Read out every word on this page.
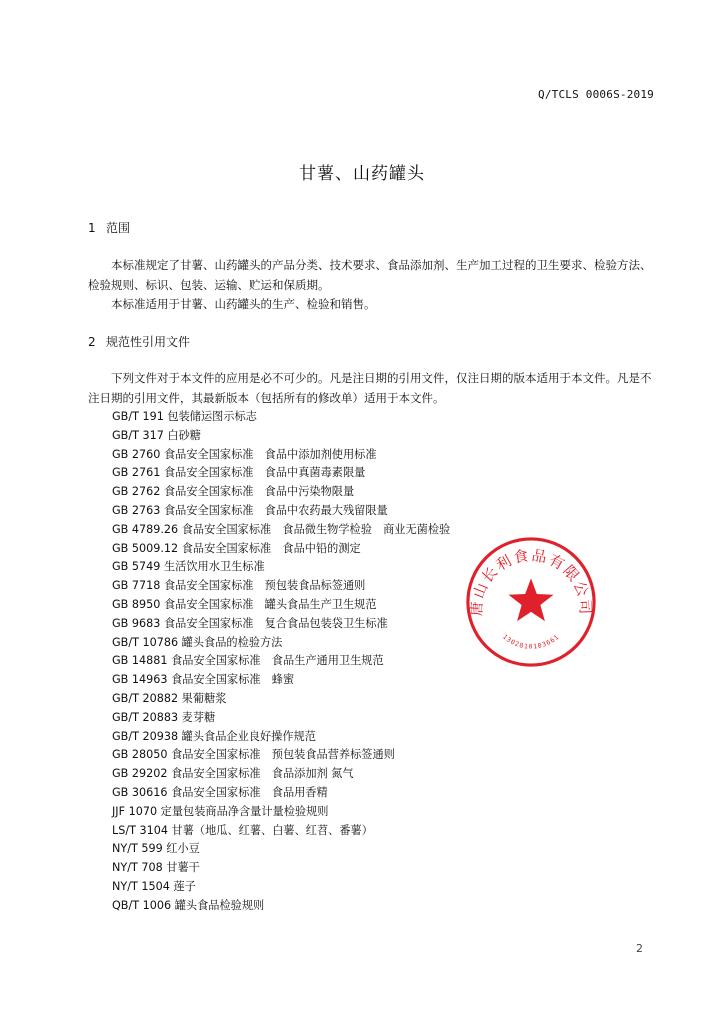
Q/TCLS 0006S-2019
甘薯、山药罐头
1 范围

本标准规定了甘薯、山药罐头的产品分类、技术要求、食品添加剂、生产加工过程的卫生要求、检验方法、检验规则、标识、包装、运输、贮运和保质期。

本标准适用于甘薯、山药罐头的生产、检验和销售。

2 规范性引用文件

下列文件对于本文件的应用是必不可少的。凡是注日期的引用文件，仅注日期的版本适用于本文件。凡是不注日期的引用文件，其最新版本（包括所有的修改单）适用于本文件。

GB/T 191 包装储运图示标志
GB/T 317 白砂糖
GB 2760 食品安全国家标准　食品中添加剂使用标准
GB 2761 食品安全国家标准　食品中真菌毒素限量
GB 2762 食品安全国家标准　食品中污染物限量
GB 2763 食品安全国家标准　食品中农药最大残留限量
GB 4789.26 食品安全国家标准　食品微生物学检验　商业无菌检验
GB 5009.12 食品安全国家标准　食品中铅的测定
GB 5749 生活饮用水卫生标准
GB 7718 食品安全国家标准　预包装食品标签通则
GB 8950 食品安全国家标准　罐头食品生产卫生规范
GB 9683 食品安全国家标准　复合食品包装袋卫生标准
GB/T 10786 罐头食品的检验方法
GB 14881 食品安全国家标准　食品生产通用卫生规范
GB 14963 食品安全国家标准　蜂蜜
GB/T 20882 果葡糖浆
GB/T 20883 麦芽糖
GB/T 20938 罐头食品企业良好操作规范
GB 28050 食品安全国家标准　预包装食品营养标签通则
GB 29202 食品安全国家标准　食品添加剂 氮气
GB 30616 食品安全国家标准　食品用香精
JJF 1070 定量包装商品净含量计量检验规则
LS/T 3104 甘薯（地瓜、红薯、白薯、红苕、番薯）
NY/T 599 红小豆
NY/T 708 甘薯干
NY/T 1504 莲子
QB/T 1006 罐头食品检验规则
唐山长利食品有限公司
1302810103661
2
